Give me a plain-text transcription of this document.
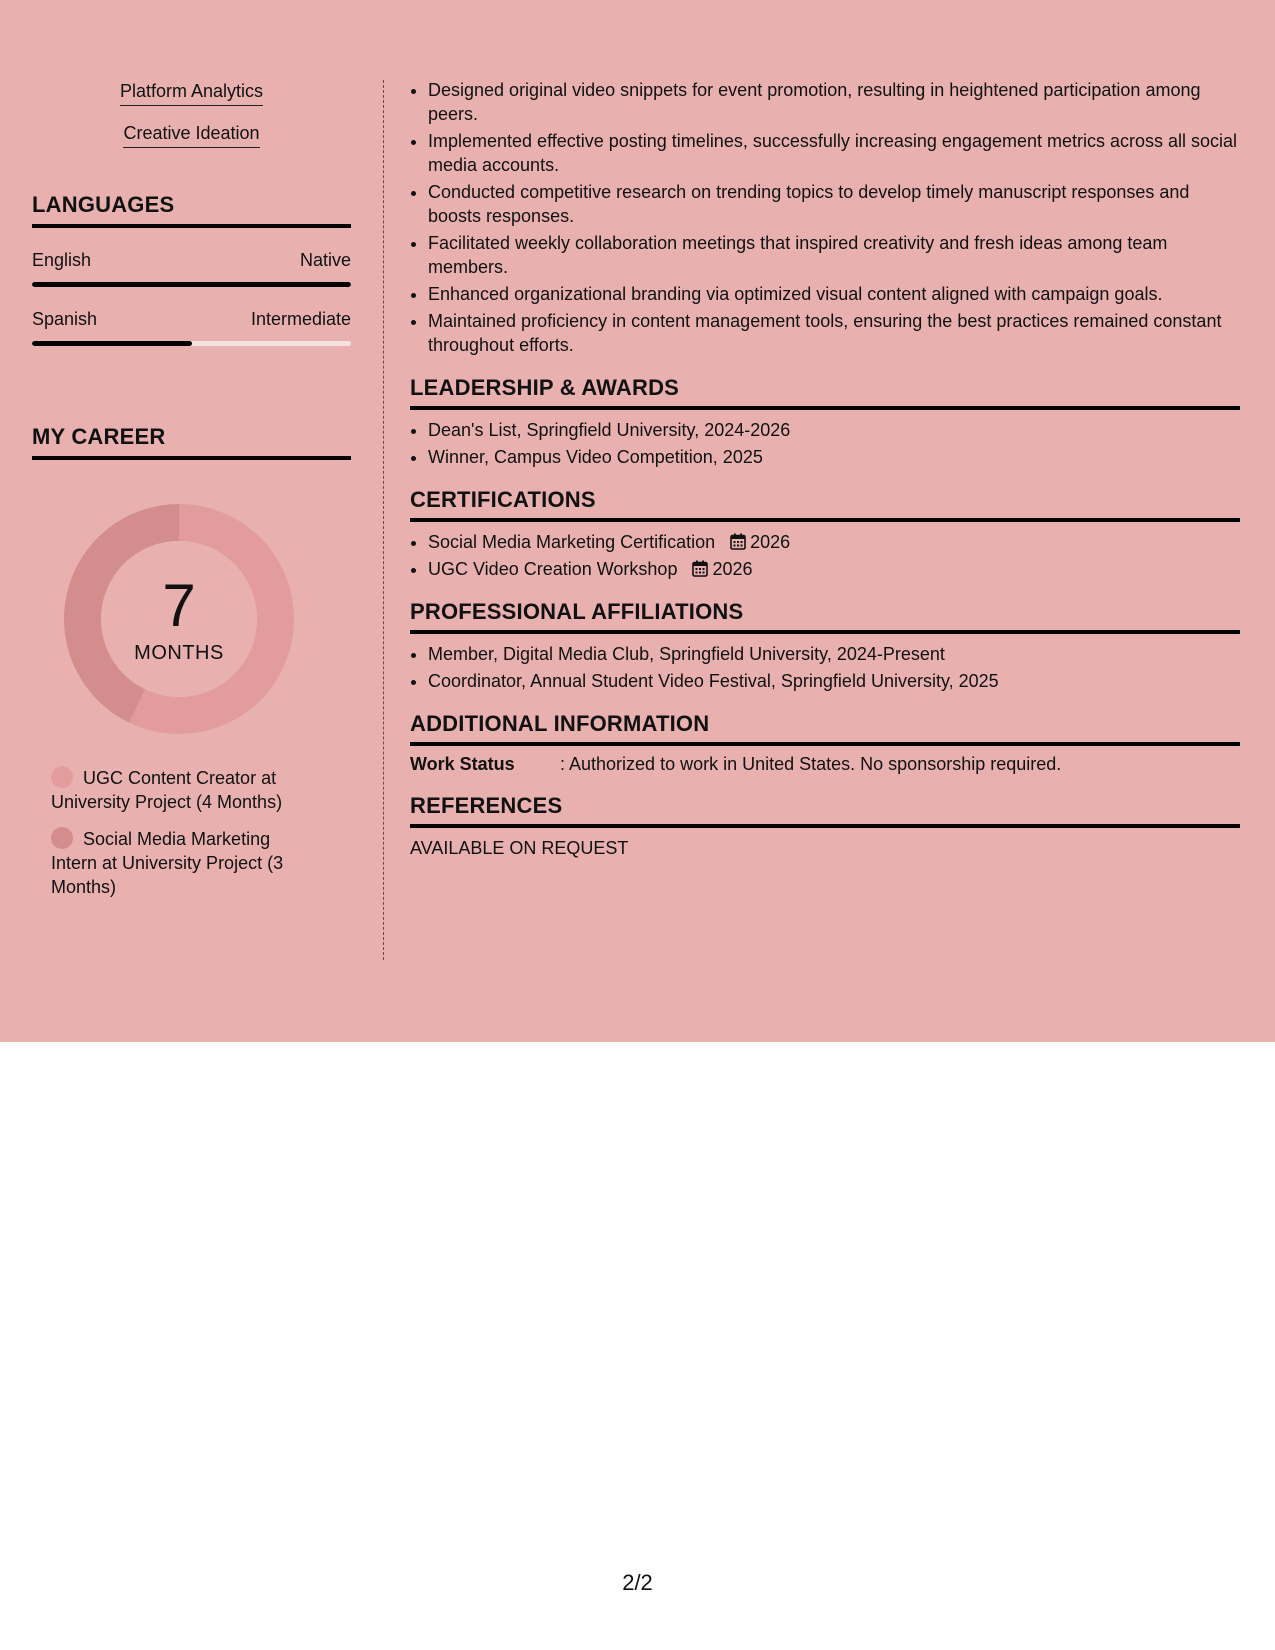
Platform Analytics
Creative Ideation
LANGUAGES
English	Native
Spanish	Intermediate
MY CAREER
7
MONTHS
UGC Content Creator at University Project (4 Months)
Social Media Marketing Intern at University Project (3 Months)
• Designed original video snippets for event promotion, resulting in heightened participation among peers.
• Implemented effective posting timelines, successfully increasing engagement metrics across all social media accounts.
• Conducted competitive research on trending topics to develop timely manuscript responses and boosts responses.
• Facilitated weekly collaboration meetings that inspired creativity and fresh ideas among team members.
• Enhanced organizational branding via optimized visual content aligned with campaign goals.
• Maintained proficiency in content management tools, ensuring the best practices remained constant throughout efforts.
LEADERSHIP & AWARDS
• Dean's List, Springfield University, 2024-2026
• Winner, Campus Video Competition, 2025
CERTIFICATIONS
• Social Media Marketing Certification 2026
• UGC Video Creation Workshop 2026
PROFESSIONAL AFFILIATIONS
• Member, Digital Media Club, Springfield University, 2024-Present
• Coordinator, Annual Student Video Festival, Springfield University, 2025
ADDITIONAL INFORMATION
Work Status	: Authorized to work in United States. No sponsorship required.
REFERENCES
AVAILABLE ON REQUEST
2/2
